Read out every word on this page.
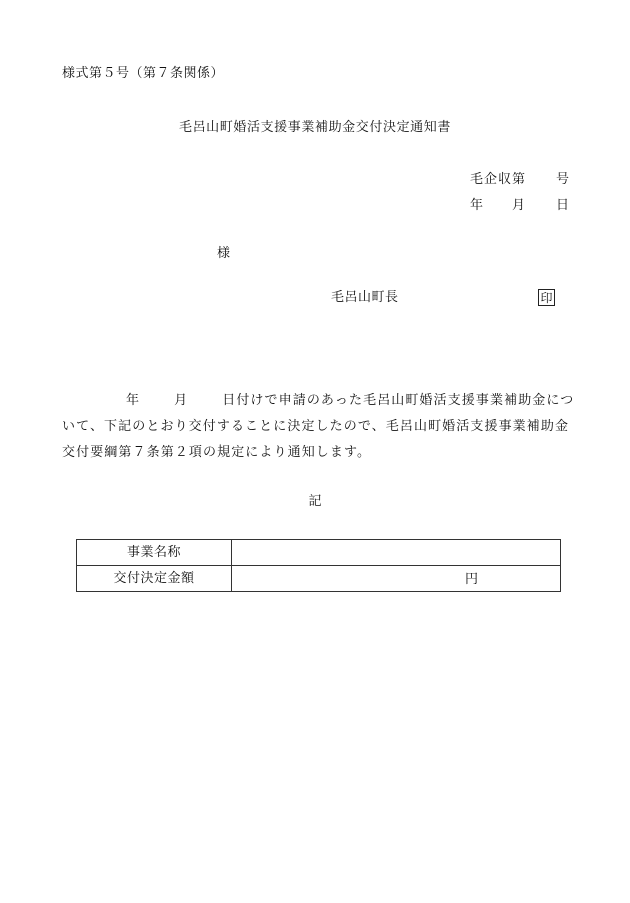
様式第５号（第７条関係）
毛呂山町婚活支援事業補助金交付決定通知書
毛企収第 号
年 月 日
様
毛呂山町長	印
年	月	日付けで申請のあった毛呂山町婚活支援事業補助金について、下記のとおり交付することに決定したので、毛呂山町婚活支援事業補助金交付要綱第７条第２項の規定により通知します。
記
事業名称	
交付決定金額	円
